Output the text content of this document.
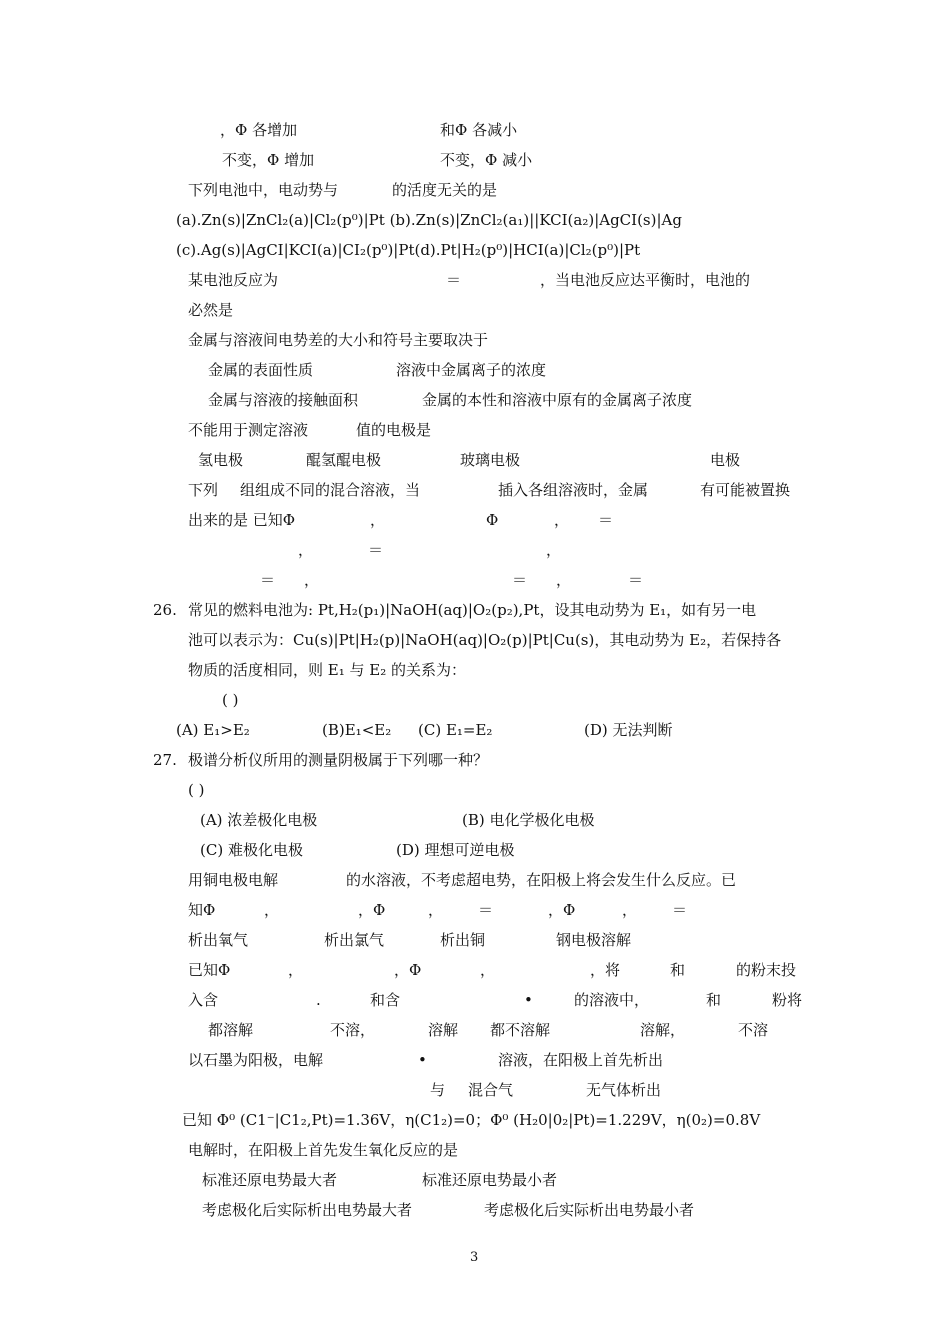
，Φ 各增加	和Φ 各减小
不变，Φ 增加	不变，Φ 减小
下列电池中，电动势与	的活度无关的是
(a).Zn(s)|ZnCl₂(a)|Cl₂(p⁰)|Pt (b).Zn(s)|ZnCl₂(a₁)||KCI(a₂)|AgCI(s)|Ag
(c).Ag(s)|AgCI|KCI(a)|CI₂(p⁰)|Pt(d).Pt|H₂(p⁰)|HCI(a)|Cl₂(p⁰)|Pt
某电池反应为	＝	，当电池反应达平衡时，电池的
必然是
金属与溶液间电势差的大小和符号主要取决于
金属的表面性质	溶液中金属离子的浓度
金属与溶液的接触面积	金属的本性和溶液中原有的金属离子浓度
不能用于测定溶液	值的电极是
氢电极	醌氢醌电极	玻璃电极	电极
下列 组组成不同的混合溶液，当	插入各组溶液时，金属	有可能被置换
出来的是 已知Φ	，	Φ	， ＝
，	＝	，
＝ ，	＝ ，	＝
26. 常见的燃料电池为: Pt,H₂(p₁)|NaOH(aq)|O₂(p₂),Pt，设其电动势为 E₁，如有另一电
池可以表示为：Cu(s)|Pt|H₂(p)|NaOH(aq)|O₂(p)|Pt|Cu(s)，其电动势为 E₂，若保持各
物质的活度相同，则 E₁ 与 E₂ 的关系为：
( )
(A) E₁>E₂	(B)E₁<E₂ (C) E₁=E₂	(D) 无法判断
27. 极谱分析仪所用的测量阴极属于下列哪一种？
( )
(A) 浓差极化电极	(B) 电化学极化电极
(C) 难极化电极	(D) 理想可逆电极
用铜电极电解	的水溶液，不考虑超电势，在阳极上将会发生什么反应。已
知Φ	，	，Φ	， ＝	，Φ	， ＝
析出氧气	析出氯气	析出铜	钢电极溶解
已知Φ	，	，Φ	，	，将	和	的粉末投
入含	.	和含	•	的溶液中，	和	粉将
都溶解	不溶，	溶解 都不溶解	溶解，	不溶
以石墨为阳极，电解	•	溶液，在阳极上首先析出
与 混合气	无气体析出
已知 Φ⁰ (C1⁻|C1₂,Pt)=1.36V，η(C1₂)=0；Φ⁰ (H₂0|0₂|Pt)=1.229V，η(0₂)=0.8V
电解时，在阳极上首先发生氧化反应的是
标准还原电势最大者	标准还原电势最小者
考虑极化后实际析出电势最大者	考虑极化后实际析出电势最小者
3
